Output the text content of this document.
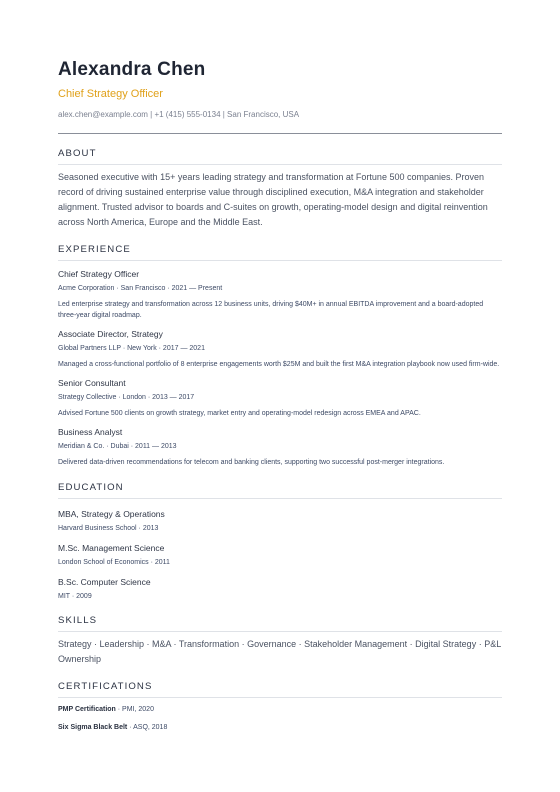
Alexandra Chen
Chief Strategy Officer
alex.chen@example.com | +1 (415) 555-0134 | San Francisco, USA
ABOUT
Seasoned executive with 15+ years leading strategy and transformation at Fortune 500 companies. Proven record of driving sustained enterprise value through disciplined execution, M&A integration and stakeholder alignment. Trusted advisor to boards and C-suites on growth, operating-model design and digital reinvention across North America, Europe and the Middle East.
EXPERIENCE
Chief Strategy Officer
Acme Corporation · San Francisco · 2021 — Present
Led enterprise strategy and transformation across 12 business units, driving $40M+ in annual EBITDA improvement and a board-adopted three-year digital roadmap.
Associate Director, Strategy
Global Partners LLP · New York · 2017 — 2021
Managed a cross-functional portfolio of 8 enterprise engagements worth $25M and built the first M&A integration playbook now used firm-wide.
Senior Consultant
Strategy Collective · London · 2013 — 2017
Advised Fortune 500 clients on growth strategy, market entry and operating-model redesign across EMEA and APAC.
Business Analyst
Meridian & Co. · Dubai · 2011 — 2013
Delivered data-driven recommendations for telecom and banking clients, supporting two successful post-merger integrations.
EDUCATION
MBA, Strategy & Operations
Harvard Business School · 2013
M.Sc. Management Science
London School of Economics · 2011
B.Sc. Computer Science
MIT · 2009
SKILLS
Strategy · Leadership · M&A · Transformation · Governance · Stakeholder Management · Digital Strategy · P&L Ownership
CERTIFICATIONS
PMP Certification · PMI, 2020
Six Sigma Black Belt · ASQ, 2018
